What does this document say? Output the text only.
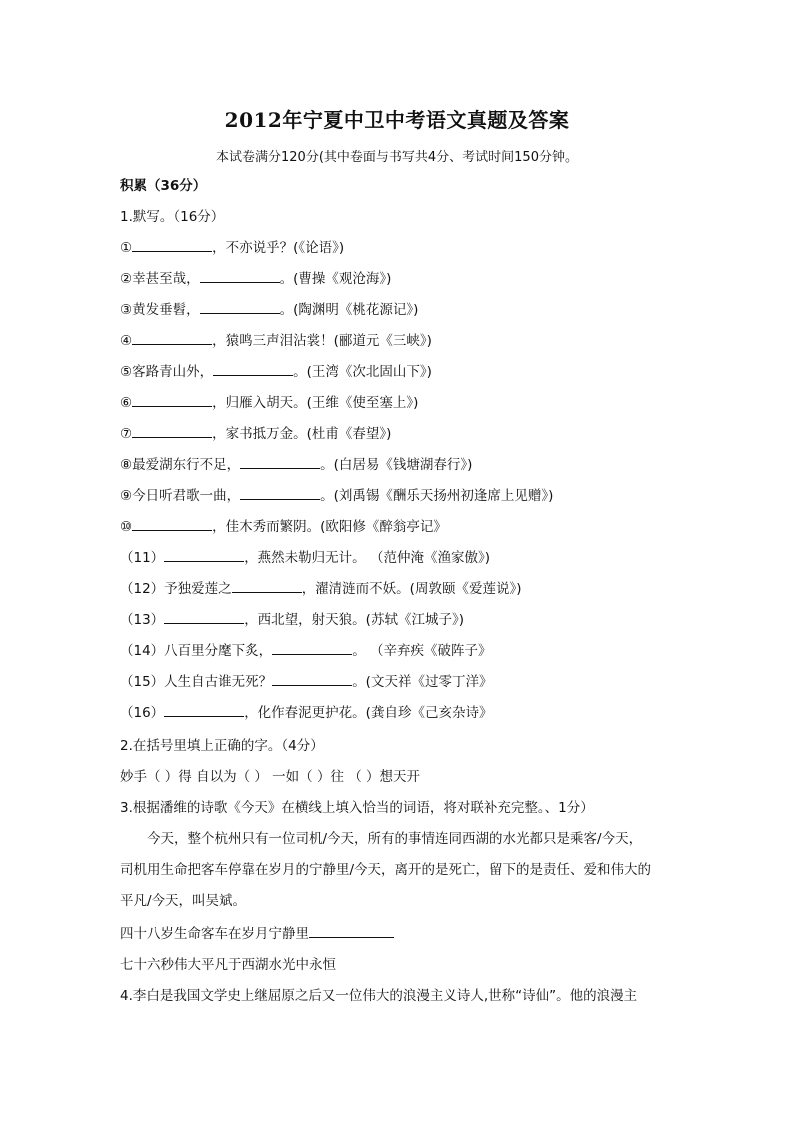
2012年宁夏中卫中考语文真题及答案
本试卷满分120分(其中卷面与书写共4分、考试时间150分钟。
积累（36分）
1.默写。（16分）
①	，不亦说乎？(《论语》)
②幸甚至哉，	。(曹操《观沧海》)
③黄发垂髫，	。(陶渊明《桃花源记》)
④	，猿鸣三声泪沾裳！(郦道元《三峡》)
⑤客路青山外，	。(王湾《次北固山下》)
⑥	，归雁入胡天。(王维《使至塞上》)
⑦	，家书抵万金。(杜甫《春望》)
⑧最爱湖东行不足，	。(白居易《钱塘湖春行》)
⑨今日听君歌一曲，	。(刘禹锡《酬乐天扬州初逢席上见赠》)
⑩	，佳木秀而繁阴。(欧阳修《醉翁亭记》
（11）	，燕然未勒归无计。 （范仲淹《渔家傲》)
（12）予独爱莲之	，濯清涟而不妖。(周敦颐《爱莲说》)
（13）	，西北望，射天狼。(苏轼《江城子》)
（14）八百里分麾下炙，	。 （辛弃疾《破阵子》
（15）人生自古谁无死？	。(文天祥《过零丁洋》
（16）	，化作春泥更护花。(龚自珍《己亥杂诗》
2.在括号里填上正确的字。（4分）
妙手（ ）得 自以为（ ） 一如（ ）往 （ ）想天开
3.根据潘维的诗歌《今天》在横线上填入恰当的词语，将对联补充完整。、1分）
今天，整个杭州只有一位司机/今天，所有的事情连同西湖的水光都只是乘客/今天，
司机用生命把客车停靠在岁月的宁静里/今天，离开的是死亡，留下的是责任、爱和伟大的
平凡/今天，叫吴斌。
四十八岁生命客车在岁月宁静里
七十六秒伟大平凡于西湖水光中永恒
4.李白是我国文学史上继屈原之后又一位伟大的浪漫主义诗人,世称“诗仙”。他的浪漫主
